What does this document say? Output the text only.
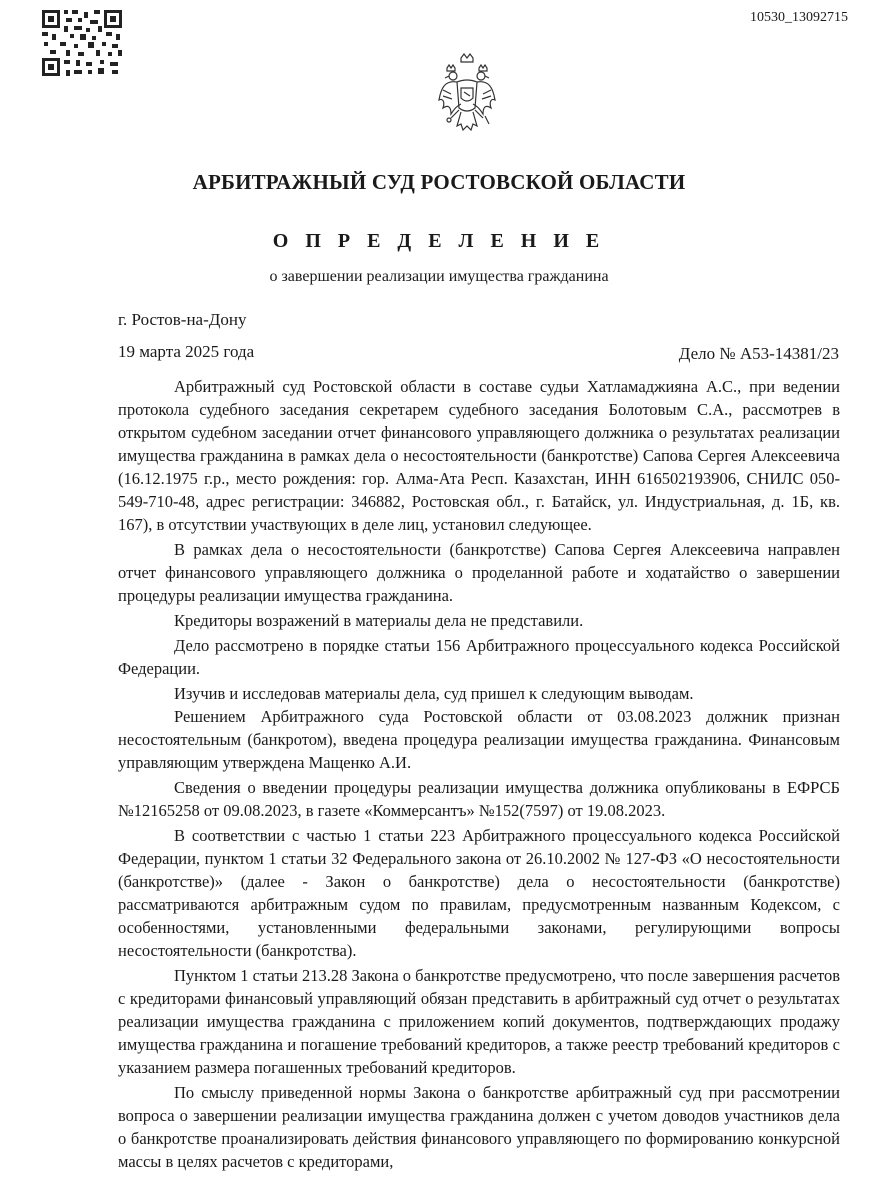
10530_13092715
АРБИТРАЖНЫЙ СУД РОСТОВСКОЙ ОБЛАСТИ
О П Р Е Д Е Л Е Н И Е
о завершении реализации имущества гражданина
г. Ростов-на-Дону
19 марта 2025 года	Дело № А53-14381/23

Арбитражный суд Ростовской области в составе судьи Хатламаджияна А.С., при ведении протокола судебного заседания секретарем судебного заседания Болотовым С.А., рассмотрев в открытом судебном заседании отчет финансового управляющего должника о результатах реализации имущества гражданина в рамках дела о несостоятельности (банкротстве) Сапова Сергея Алексеевича (16.12.1975 г.р., место рождения: гор. Алма-Ата Респ. Казахстан, ИНН 616502193906, СНИЛС 050-549-710-48, адрес регистрации: 346882, Ростовская обл., г. Батайск, ул. Индустриальная, д. 1Б, кв. 167), в отсутствии участвующих в деле лиц, установил следующее.

В рамках дела о несостоятельности (банкротстве) Сапова Сергея Алексеевича направлен отчет финансового управляющего должника о проделанной работе и ходатайство о завершении процедуры реализации имущества гражданина.

Кредиторы возражений в материалы дела не представили.

Дело рассмотрено в порядке статьи 156 Арбитражного процессуального кодекса Российской Федерации.

Изучив и исследовав материалы дела, суд пришел к следующим выводам.

Решением Арбитражного суда Ростовской области от 03.08.2023 должник признан несостоятельным (банкротом), введена процедура реализации имущества гражданина. Финансовым управляющим утверждена Мащенко А.И.

Сведения о введении процедуры реализации имущества должника опубликованы в ЕФРСБ №12165258 от 09.08.2023, в газете «Коммерсантъ» №152(7597) от 19.08.2023.

В соответствии с частью 1 статьи 223 Арбитражного процессуального кодекса Российской Федерации, пунктом 1 статьи 32 Федерального закона от 26.10.2002 № 127-ФЗ «О несостоятельности (банкротстве)» (далее - Закон о банкротстве) дела о несостоятельности (банкротстве) рассматриваются арбитражным судом по правилам, предусмотренным названным Кодексом, с особенностями, установленными федеральными законами, регулирующими вопросы несостоятельности (банкротства).

Пунктом 1 статьи 213.28 Закона о банкротстве предусмотрено, что после завершения расчетов с кредиторами финансовый управляющий обязан представить в арбитражный суд отчет о результатах реализации имущества гражданина с приложением копий документов, подтверждающих продажу имущества гражданина и погашение требований кредиторов, а также реестр требований кредиторов с указанием размера погашенных требований кредиторов.

По смыслу приведенной нормы Закона о банкротстве арбитражный суд при рассмотрении вопроса о завершении реализации имущества гражданина должен с учетом доводов участников дела о банкротстве проанализировать действия финансового управляющего по формированию конкурсной массы в целях расчетов с кредиторами,
